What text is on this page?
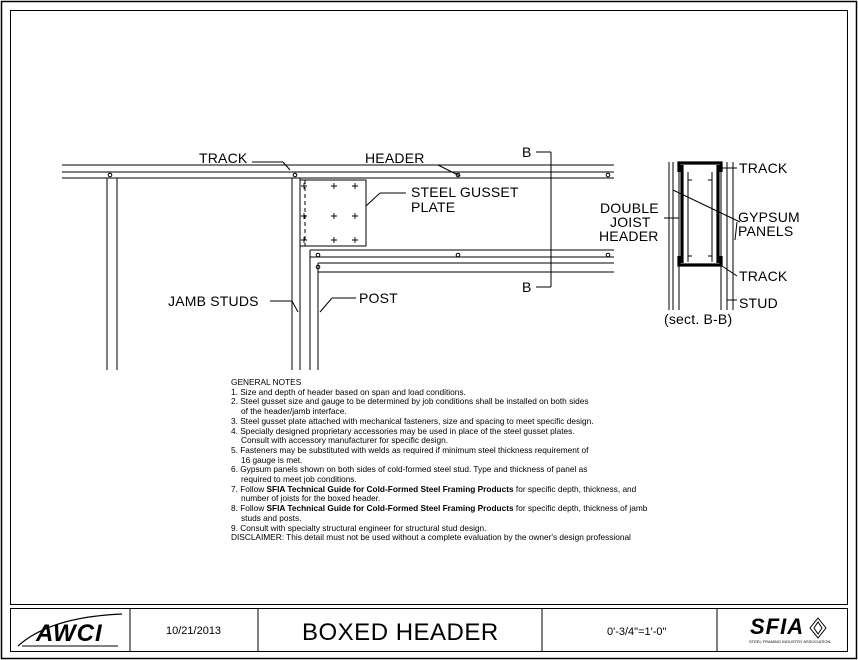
TRACK	HEADER	B
B
STEEL GUSSET
PLATE
JAMB STUDS	POST
DOUBLE
JOIST
HEADER
TRACK
GYPSUM
PANELS
TRACK
STUD
(sect. B-B)
GENERAL NOTES
1. Size and depth of header based on span and load conditions.
2. Steel gusset size and gauge to be determined by job conditions shall be installed on both sides
of the header/jamb interface.
3. Steel gusset plate attached with mechanical fasteners, size and spacing to meet specific design.
4. Specially designed proprietary accessories may be used in place of the steel gusset plates.
Consult with accessory manufacturer for specific design.
5. Fasteners may be substituted with welds as required if minimum steel thickness requirement of
16 gauge is met.
6. Gypsum panels shown on both sides of cold-formed steel stud. Type and thickness of panel as
required to meet job conditions.
7. Follow SFIA Technical Guide for Cold-Formed Steel Framing Products for specific depth, thickness, and
number of joists for the boxed header.
8. Follow SFIA Technical Guide for Cold-Formed Steel Framing Products for specific depth, thickness of jamb
studs and posts.
9. Consult with specialty structural engineer for structural stud design.
DISCLAIMER: This detail must not be used without a complete evaluation by the owner's design professional
AWCI	10/21/2013	BOXED HEADER	0'-3/4"=1'-0"	SFIA
STEEL FRAMING INDUSTRY ASSOCIATION
